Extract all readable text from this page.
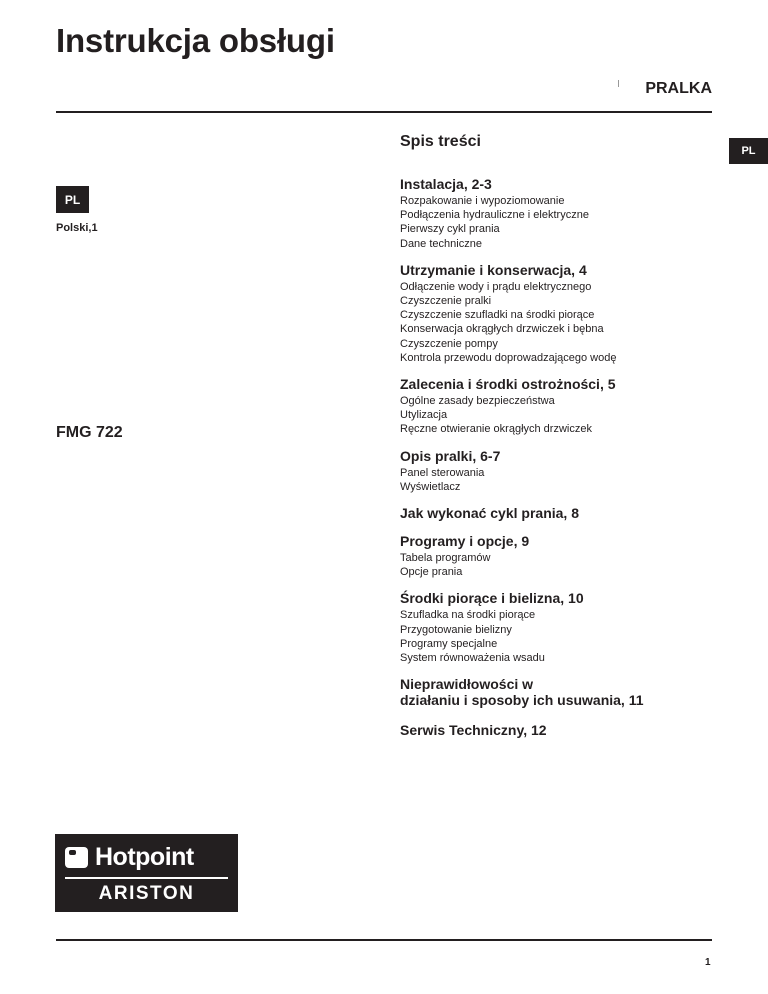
Instrukcja obsługi
PRALKA
PL
PL
Polski,1
FMG 722
Spis treści
Instalacja, 2-3
Rozpakowanie i wypoziomowanie
Podłączenia hydrauliczne i elektryczne
Pierwszy cykl prania
Dane techniczne
Utrzymanie i konserwacja, 4
Odłączenie wody i prądu elektrycznego
Czyszczenie pralki
Czyszczenie szufladki na środki piorące
Konserwacja okrągłych drzwiczek i bębna
Czyszczenie pompy
Kontrola przewodu doprowadzającego wodę
Zalecenia i środki ostrożności, 5
Ogólne zasady bezpieczeństwa
Utylizacja
Ręczne otwieranie okrągłych drzwiczek
Opis pralki, 6-7
Panel sterowania
Wyświetlacz
Jak wykonać cykl prania, 8
Programy i opcje, 9
Tabela programów
Opcje prania
Środki piorące i bielizna, 10
Szufladka na środki piorące
Przygotowanie bielizny
Programy specjalne
System równoważenia wsadu
Nieprawidłowości w
działaniu i sposoby ich usuwania, 11
Serwis Techniczny, 12
Hotpoint
ARISTON
1
